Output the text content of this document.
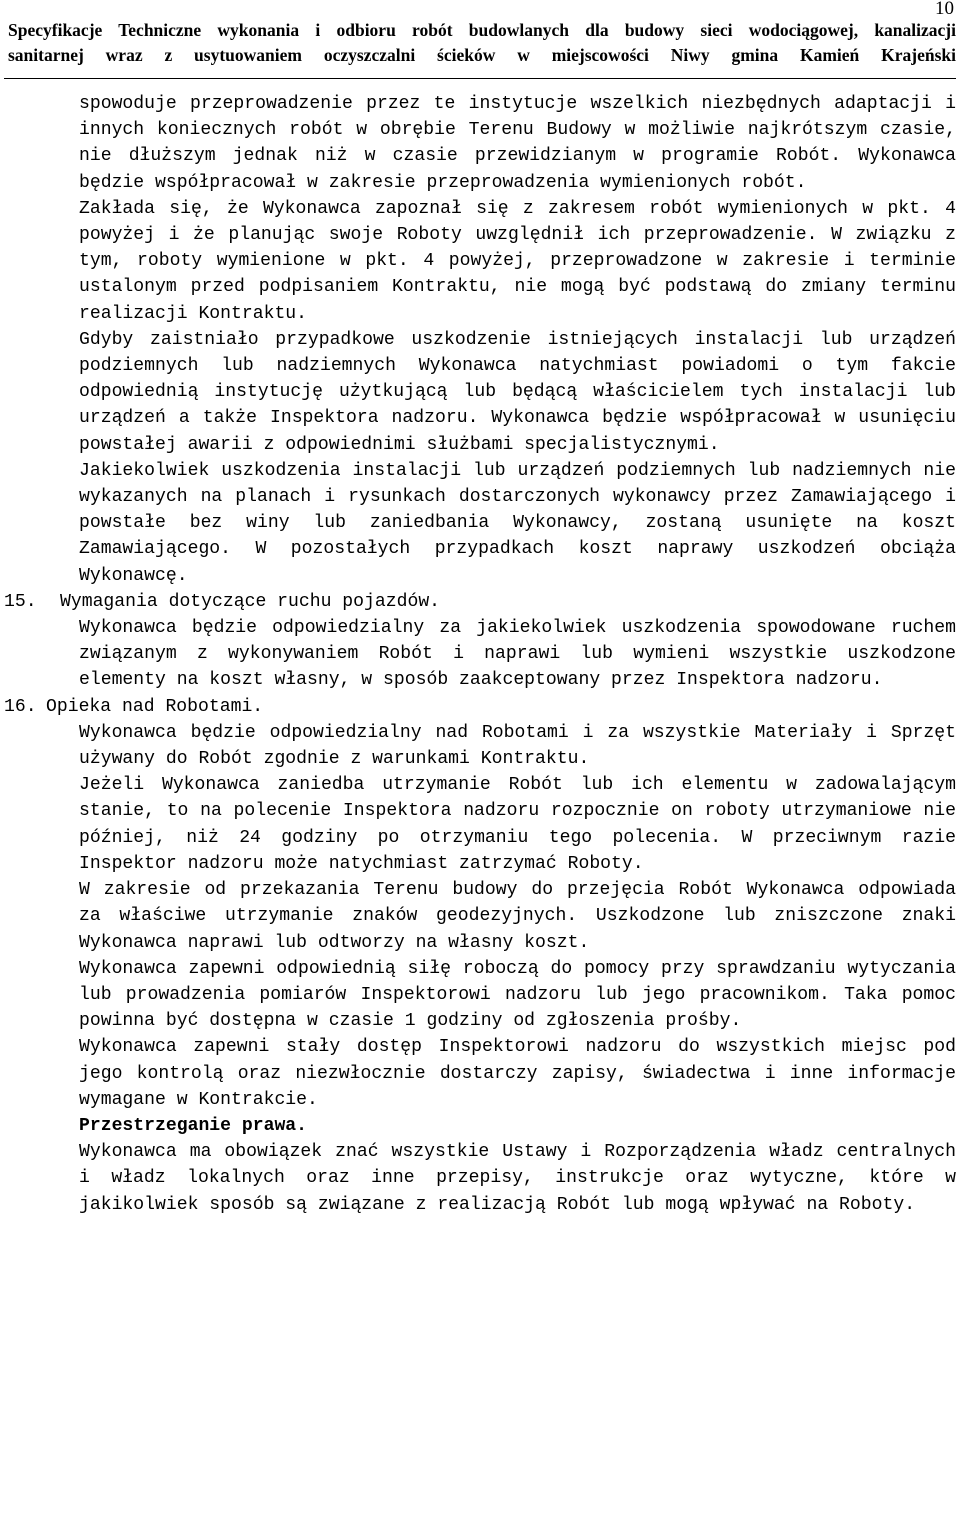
10
Specyfikacje Techniczne wykonania i odbioru robót budowlanych dla budowy sieci wodociągowej, kanalizacji
sanitarnej wraz z usytuowaniem oczyszczalni ścieków w miejscowości Niwy gmina Kamień Krajeński

spowoduje przeprowadzenie przez te instytucje wszelkich niezbędnych adaptacji i innych koniecznych robót w obrębie Terenu Budowy w możliwie najkrótszym czasie, nie dłuższym jednak niż w czasie przewidzianym w programie Robót. Wykonawca będzie współpracował w zakresie przeprowadzenia wymienionych robót.

Zakłada się, że Wykonawca zapoznał się z zakresem robót wymienionych w pkt. 4 powyżej i że planując swoje Roboty uwzględnił ich przeprowadzenie. W związku z tym, roboty wymienione w pkt. 4 powyżej, przeprowadzone w zakresie i terminie ustalonym przed podpisaniem Kontraktu, nie mogą być podstawą do zmiany terminu realizacji Kontraktu.

Gdyby zaistniało przypadkowe uszkodzenie istniejących instalacji lub urządzeń podziemnych lub nadziemnych Wykonawca natychmiast powiadomi o tym fakcie odpowiednią instytucję użytkującą lub będącą właścicielem tych instalacji lub urządzeń a także Inspektora nadzoru. Wykonawca będzie współpracował w usunięciu powstałej awarii z odpowiednimi służbami specjalistycznymi.

Jakiekolwiek uszkodzenia instalacji lub urządzeń podziemnych lub nadziemnych nie wykazanych na planach i rysunkach dostarczonych wykonawcy przez Zamawiającego i powstałe bez winy lub zaniedbania Wykonawcy, zostaną usunięte na koszt Zamawiającego. W pozostałych przypadkach koszt naprawy uszkodzeń obciąża Wykonawcę.

15. Wymagania dotyczące ruchu pojazdów.

Wykonawca będzie odpowiedzialny za jakiekolwiek uszkodzenia spowodowane ruchem związanym z wykonywaniem Robót i naprawi lub wymieni wszystkie uszkodzone elementy na koszt własny, w sposób zaakceptowany przez Inspektora nadzoru.

16. Opieka nad Robotami.

Wykonawca będzie odpowiedzialny nad Robotami i za wszystkie Materiały i Sprzęt używany do Robót zgodnie z warunkami Kontraktu.

Jeżeli Wykonawca zaniedba utrzymanie Robót lub ich elementu w zadowalającym stanie, to na polecenie Inspektora nadzoru rozpocznie on roboty utrzymaniowe nie później, niż 24 godziny po otrzymaniu tego polecenia. W przeciwnym razie Inspektor nadzoru może natychmiast zatrzymać Roboty.

W zakresie od przekazania Terenu budowy do przejęcia Robót Wykonawca odpowiada za właściwe utrzymanie znaków geodezyjnych. Uszkodzone lub zniszczone znaki Wykonawca naprawi lub odtworzy na własny koszt.

Wykonawca zapewni odpowiednią siłę roboczą do pomocy przy sprawdzaniu wytyczania lub prowadzenia pomiarów Inspektorowi nadzoru lub jego pracownikom. Taka pomoc powinna być dostępna w czasie 1 godziny od zgłoszenia prośby.

Wykonawca zapewni stały dostęp Inspektorowi nadzoru do wszystkich miejsc pod jego kontrolą oraz niezwłocznie dostarczy zapisy, świadectwa i inne informacje wymagane w Kontrakcie.

Przestrzeganie prawa.

Wykonawca ma obowiązek znać wszystkie Ustawy i Rozporządzenia władz centralnych i władz lokalnych oraz inne przepisy, instrukcje oraz wytyczne, które w jakikolwiek sposób są związane z realizacją Robót lub mogą wpływać na Roboty.
